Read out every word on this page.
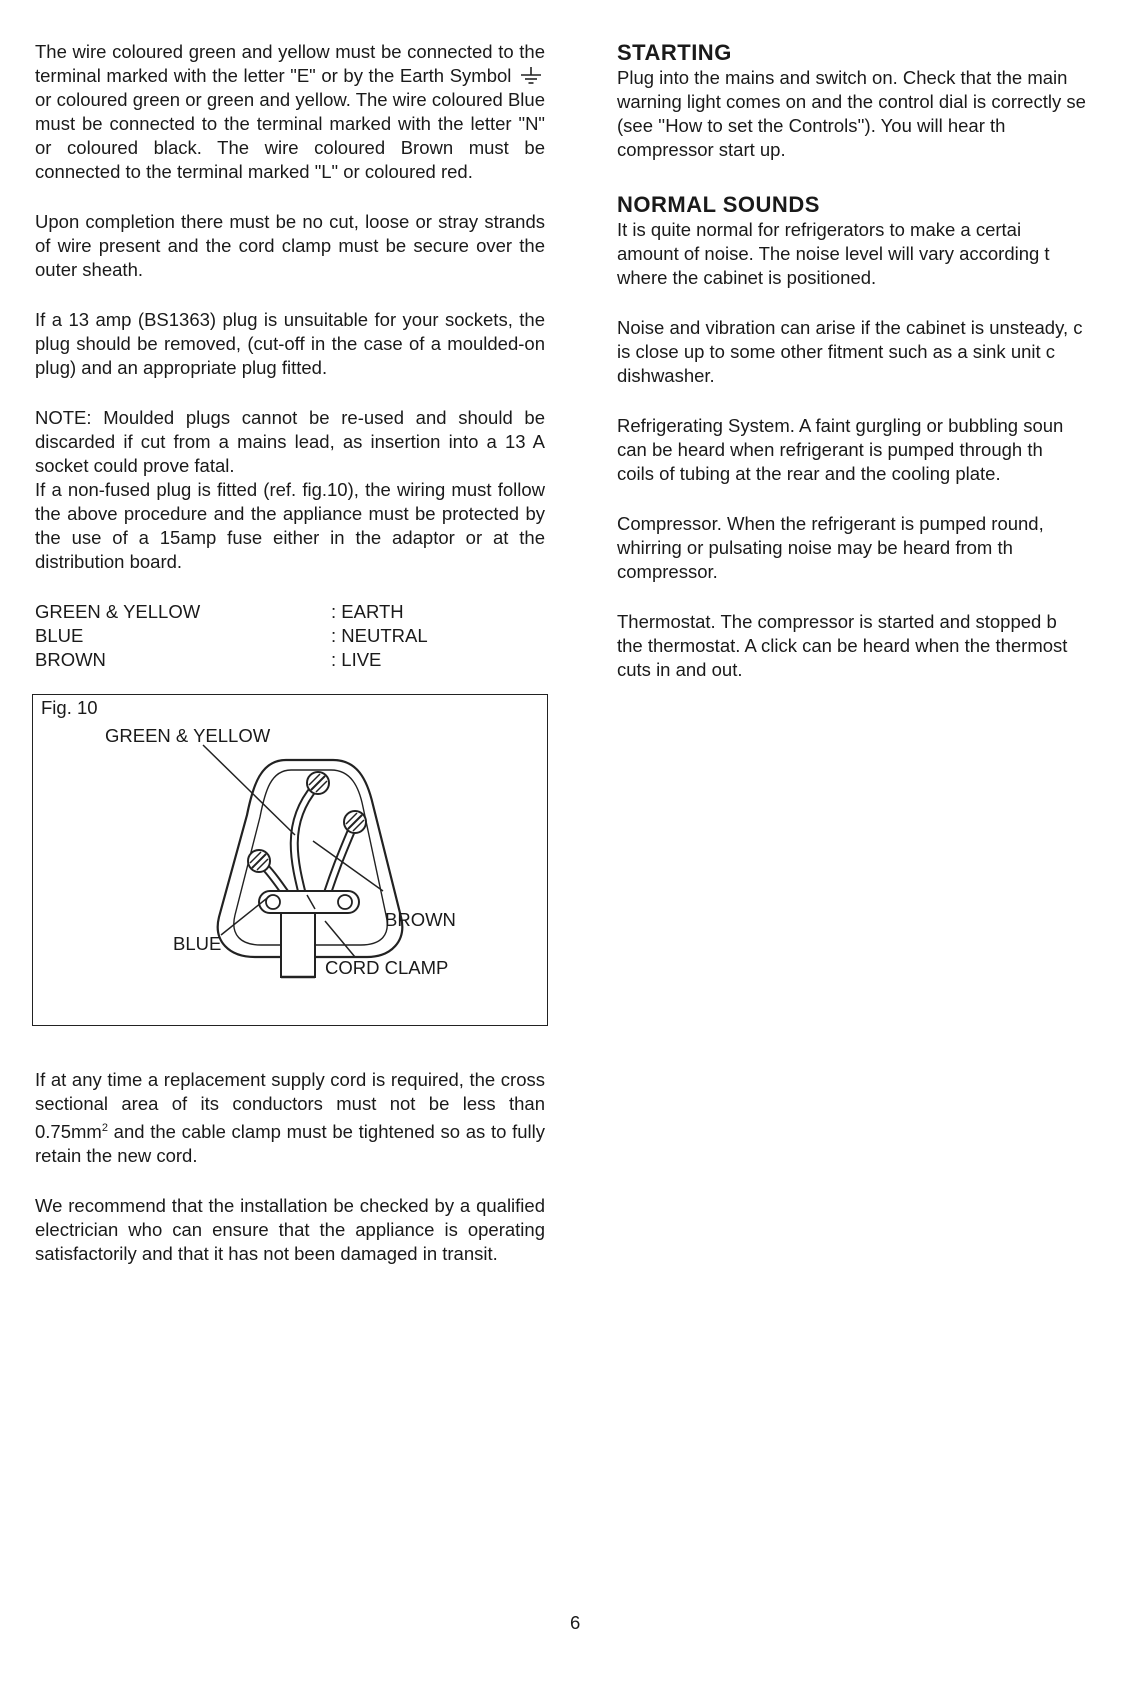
The wire coloured green and yellow must be connected to the terminal marked with the letter "E" or by the Earth Symbol  or coloured green or green and yellow. The wire coloured Blue must be connected to the terminal marked with the letter "N" or coloured black. The wire coloured Brown must be connected to the terminal marked "L" or coloured red.

Upon completion there must be no cut, loose or stray strands of wire present and the cord clamp must be secure over the outer sheath.

If a 13 amp (BS1363) plug is unsuitable for your sockets, the plug should be removed, (cut-off in the case of a moulded-on plug) and an appropriate plug fitted.

NOTE: Moulded plugs cannot be re-used and should be discarded if cut from a mains lead, as insertion into a 13 A socket could prove fatal.

If a non-fused plug is fitted (ref. fig.10), the wiring must follow the above procedure and the appliance must be protected by the use of a 15amp fuse either in the adaptor or at the distribution board.

GREEN & YELLOW	: EARTH
BLUE	: NEUTRAL
BROWN	: LIVE
Fig. 10
GREEN & YELLOW
BLUE
BROWN
CORD CLAMP

If at any time a replacement supply cord is required, the cross sectional area of its conductors must not be less than $0.75mm^2$ and the cable clamp must be tightened so as to fully retain the new cord.

We recommend that the installation be checked by a qualified electrician who can ensure that the appliance is operating satisfactorily and that it has not been damaged in transit.

STARTING

Plug into the mains and switch on. Check that the main
warning light comes on and the control dial is correctly se
(see ''How to set the Controls''). You will hear th
compressor start up.

NORMAL SOUNDS

It is quite normal for refrigerators to make a certai
amount of noise. The noise level will vary according t
where the cabinet is positioned.

Noise and vibration can arise if the cabinet is unsteady, c
is close up to some other fitment such as a sink unit c
dishwasher.

Refrigerating System. A faint gurgling or bubbling soun
can be heard when refrigerant is pumped through th
coils of tubing at the rear and the cooling plate.

Compressor. When the refrigerant is pumped round,
whirring or pulsating noise may be heard from th
compressor.

Thermostat. The compressor is started and stopped b
the thermostat. A click can be heard when the thermost
cuts in and out.

6
